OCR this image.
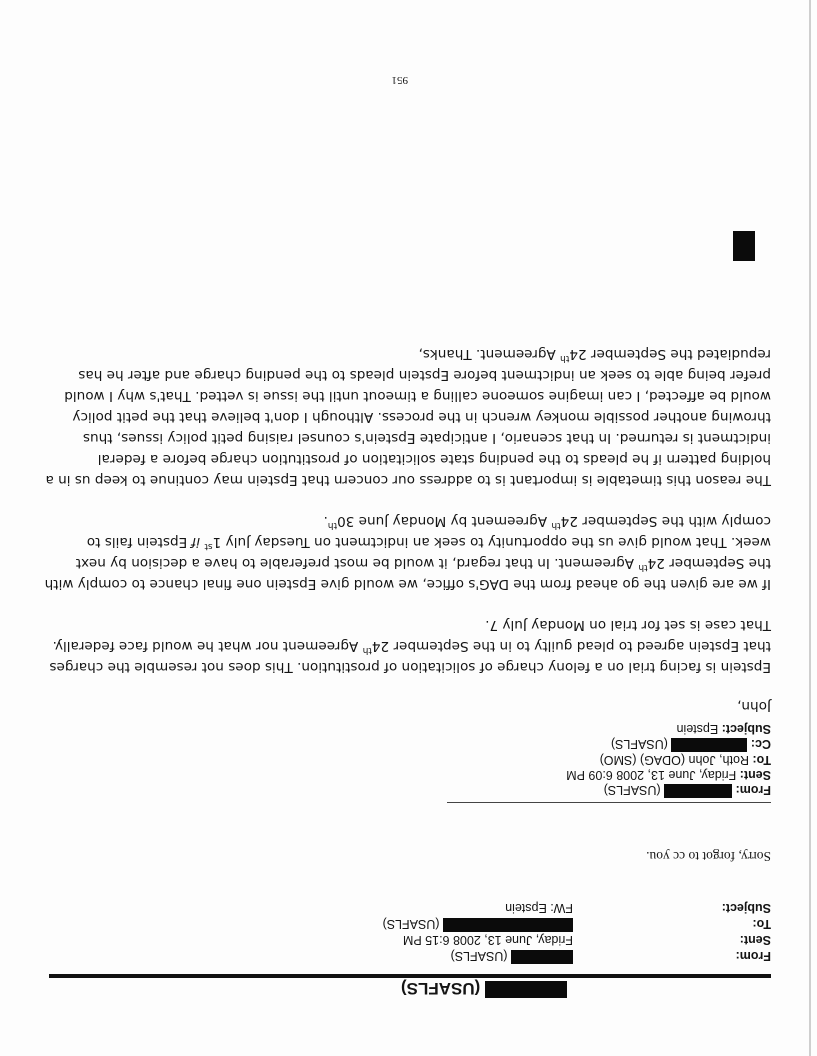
(USAFLS)
From:
(USAFLS)
Sent:
Friday, June 13, 2008 6:15 PM
To:
(USAFLS)
Subject:
FW: Epstein
Sorry, forgot to cc you.
From:  (USAFLS)
Sent: Friday, June 13, 2008 6:09 PM
To: Roth, John (ODAG) (SMO)
Cc:  (USAFLS)
Subject: Epstein

John,

Epstein is facing trial on a felony charge of solicitation of prostitution. This does not resemble the charges that Epstein agreed to plead guilty to in the September 24th Agreement nor what he would face federally. That case is set for trial on Monday July 7.

If we are given the go ahead from the DAG's office, we would give Epstein one final chance to comply with the September 24th Agreement. In that regard, it would be most preferable to have a decision by next week. That would give us the opportunity to seek an indictment on Tuesday July 1st if Epstein fails to comply with the September 24th Agreement by Monday June 30th.

The reason this timetable is important is to address our concern that Epstein may continue to keep us in a holding pattern if he pleads to the pending state solicitation of prostitution charge before a federal indictment is returned. In that scenario, I anticipate Epstein's counsel raising petit policy issues, thus throwing another possible monkey wrench in the process. Although I don't believe that the petit policy would be affected, I can imagine someone calling a timeout until the issue is vetted. That's why I would prefer being able to seek an indictment before Epstein pleads to the pending charge and after he has repudiated the September 24th Agreement. Thanks,

951
